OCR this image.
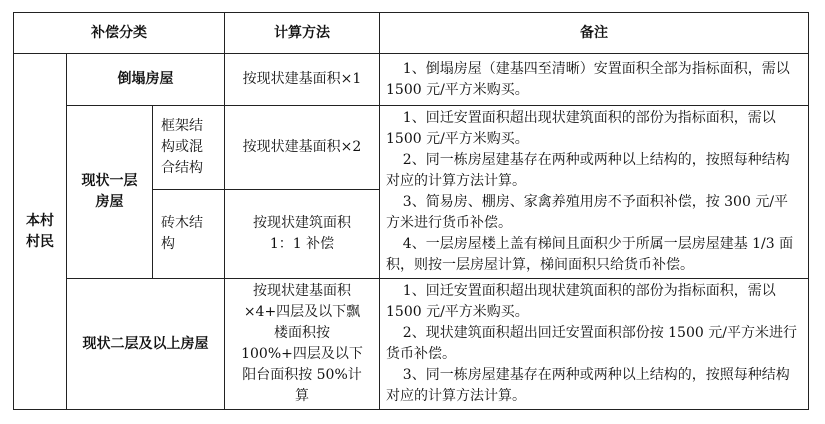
补偿分类			计算方法	备注
本村村民	倒塌房屋		按现状建基面积×1	1、倒塌房屋（建基四至清晰）安置面积全部为指标面积，需以 1500 元/平方米购买。

	现状一层房屋	框架结构或混合结构	按现状建基面积×2	1、回迁安置面积超出现状建筑面积的部份为指标面积，需以 1500 元/平方米购买。

2、同一栋房屋建基存在两种或两种以上结构的，按照每种结构对应的计算方法计算。

3、简易房、棚房、家禽养殖用房不予面积补偿，按 300 元/平方米进行货币补偿。

4、一层房屋楼上盖有梯间且面积少于所属一层房屋建基 1/3 面积，则按一层房屋计算，梯间面积只给货币补偿。

		砖木结构	按现状建筑面积
1：1 补偿	

	现状二层及以上房屋		按现状建基面积×4+四层及以下飘楼面积按 100%+四层及以下阳台面积按 50%计算	1、回迁安置面积超出现状建筑面积的部份为指标面积，需以 1500 元/平方米购买。

2、现状建筑面积超出回迁安置面积部份按 1500 元/平方米进行货币补偿。

3、同一栋房屋建基存在两种或两种以上结构的，按照每种结构对应的计算方法计算。
